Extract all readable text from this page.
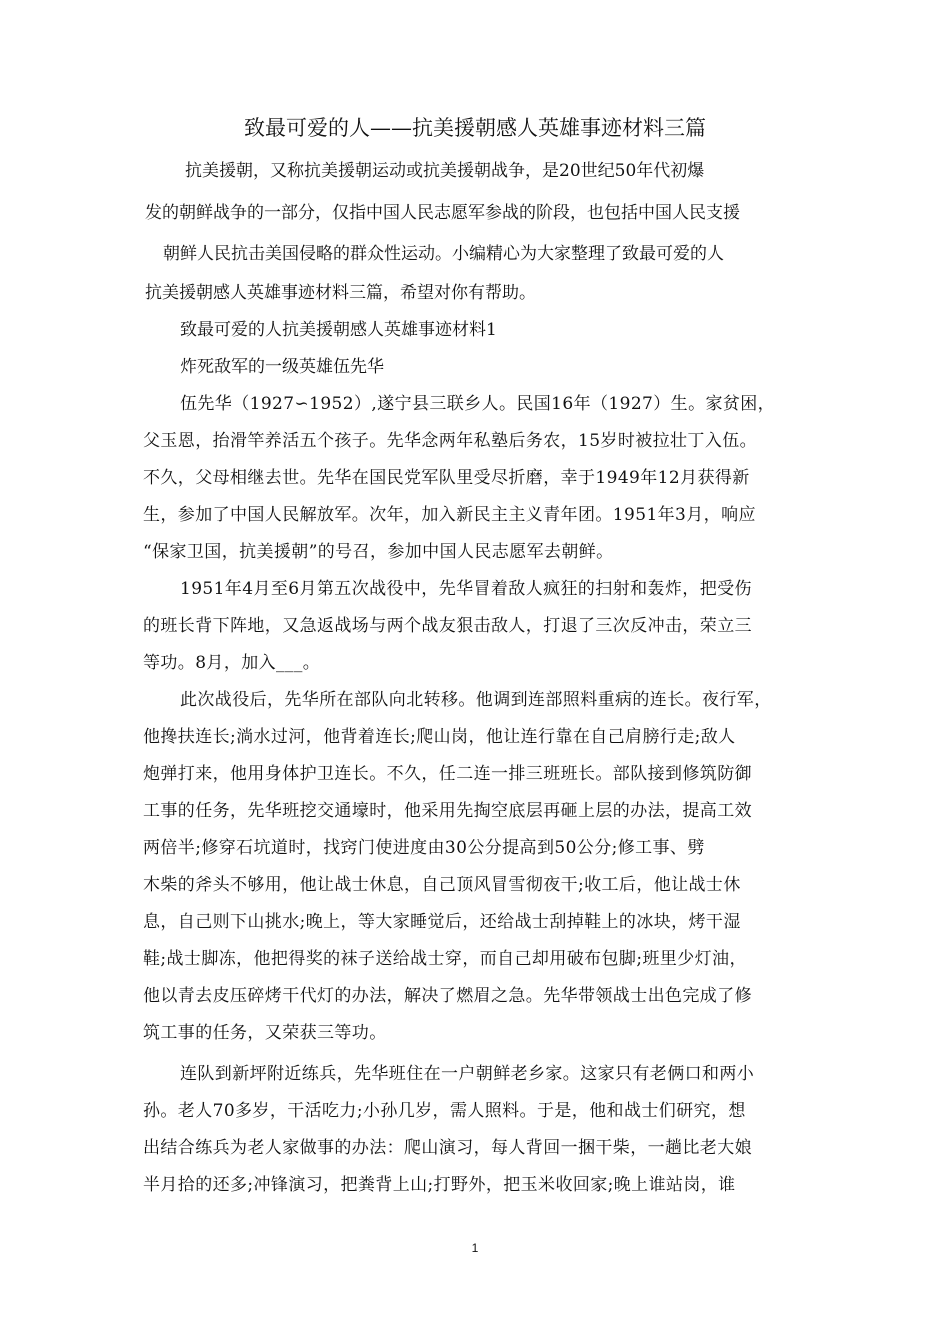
致最可爱的人——抗美援朝感人英雄事迹材料三篇
抗美援朝，又称抗美援朝运动或抗美援朝战争，是20世纪50年代初爆
发的朝鲜战争的一部分，仅指中国人民志愿军参战的阶段，也包括中国人民支援
朝鲜人民抗击美国侵略的群众性运动。小编精心为大家整理了致最可爱的人
抗美援朝感人英雄事迹材料三篇，希望对你有帮助。
致最可爱的人抗美援朝感人英雄事迹材料1
炸死敌军的一级英雄伍先华
伍先华（1927∽1952）,遂宁县三联乡人。民国16年（1927）生。家贫困，
父玉恩，抬滑竿养活五个孩子。先华念两年私塾后务农，15岁时被拉壮丁入伍。
不久，父母相继去世。先华在国民党军队里受尽折磨，幸于1949年12月获得新
生，参加了中国人民解放军。次年，加入新民主主义青年团。1951年3月，响应
“保家卫国，抗美援朝”的号召，参加中国人民志愿军去朝鲜。
1951年4月至6月第五次战役中，先华冒着敌人疯狂的扫射和轰炸，把受伤
的班长背下阵地，又急返战场与两个战友狠击敌人，打退了三次反冲击，荣立三
等功。8月，加入___。
此次战役后，先华所在部队向北转移。他调到连部照料重病的连长。夜行军，
他搀扶连长;淌水过河，他背着连长;爬山岗，他让连行靠在自己肩膀行走;敌人
炮弹打来，他用身体护卫连长。不久，任二连一排三班班长。部队接到修筑防御
工事的任务，先华班挖交通壕时，他采用先掏空底层再砸上层的办法，提高工效
两倍半;修穿石坑道时，找窍门使进度由30公分提高到50公分;修工事、劈
木柴的斧头不够用，他让战士休息，自己顶风冒雪彻夜干;收工后，他让战士休
息，自己则下山挑水;晚上，等大家睡觉后，还给战士刮掉鞋上的冰块，烤干湿
鞋;战士脚冻，他把得奖的袜子送给战士穿，而自己却用破布包脚;班里少灯油，
他以青去皮压碎烤干代灯的办法，解决了燃眉之急。先华带领战士出色完成了修
筑工事的任务，又荣获三等功。
连队到新坪附近练兵，先华班住在一户朝鲜老乡家。这家只有老俩口和两小
孙。老人70多岁，干活吃力;小孙几岁，需人照料。于是，他和战士们研究，想
出结合练兵为老人家做事的办法：爬山演习，每人背回一捆干柴，一趟比老大娘
半月拾的还多;冲锋演习，把粪背上山;打野外，把玉米收回家;晚上谁站岗，谁
1
